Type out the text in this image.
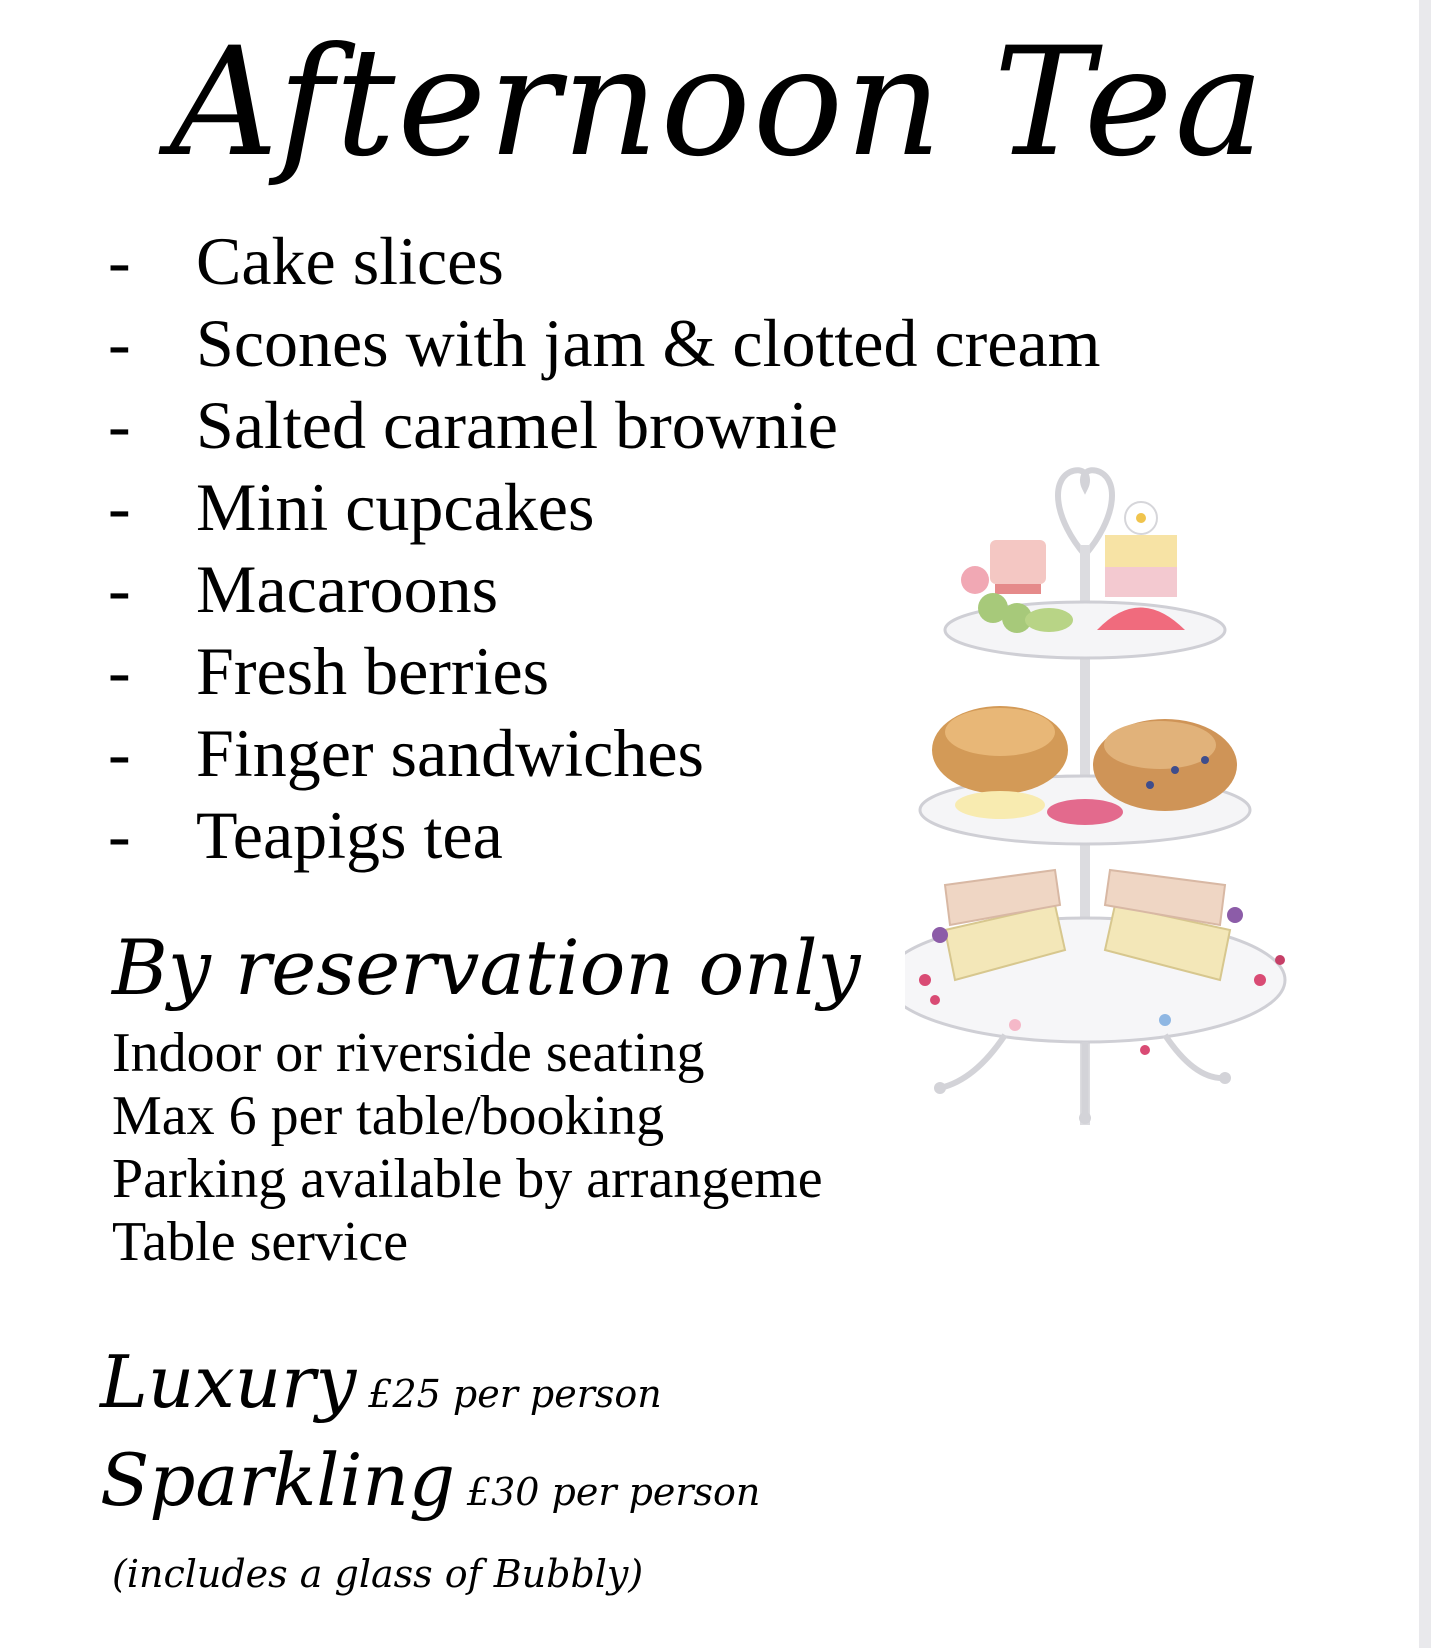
Afternoon Tea
- Cake slices
- Scones with jam & clotted cream
- Salted caramel brownie
- Mini cupcakes
- Macaroons
- Fresh berries
- Finger sandwiches
- Teapigs tea
By reservation only
Indoor or riverside seating
Max 6 per table/booking
Parking available by arrangeme
Table service
Luxury £25 per person
Sparkling £30 per person
(includes a glass of Bubbly)
